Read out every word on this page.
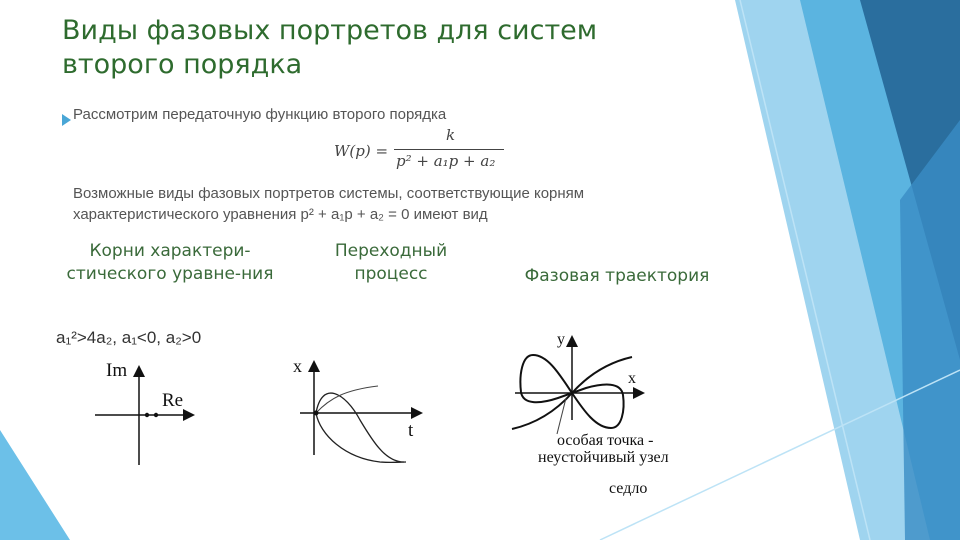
Виды фазовых портретов для систем второго порядка
Рассмотрим передаточную функцию второго порядка
W(p) =
k
p² + a₁p + a₂
Возможные виды фазовых портретов системы, соответствующие корням характеристического уравнения p² + a₁p + a₂ = 0 имеют вид
Корни характери-стического уравне-ния
Переходный процесс	Фазовая траектория
a₁²>4a₂, a₁<0, a₂>0
Im
Re
x
t
y
x
особая точка -
неустойчивый узел
седло
